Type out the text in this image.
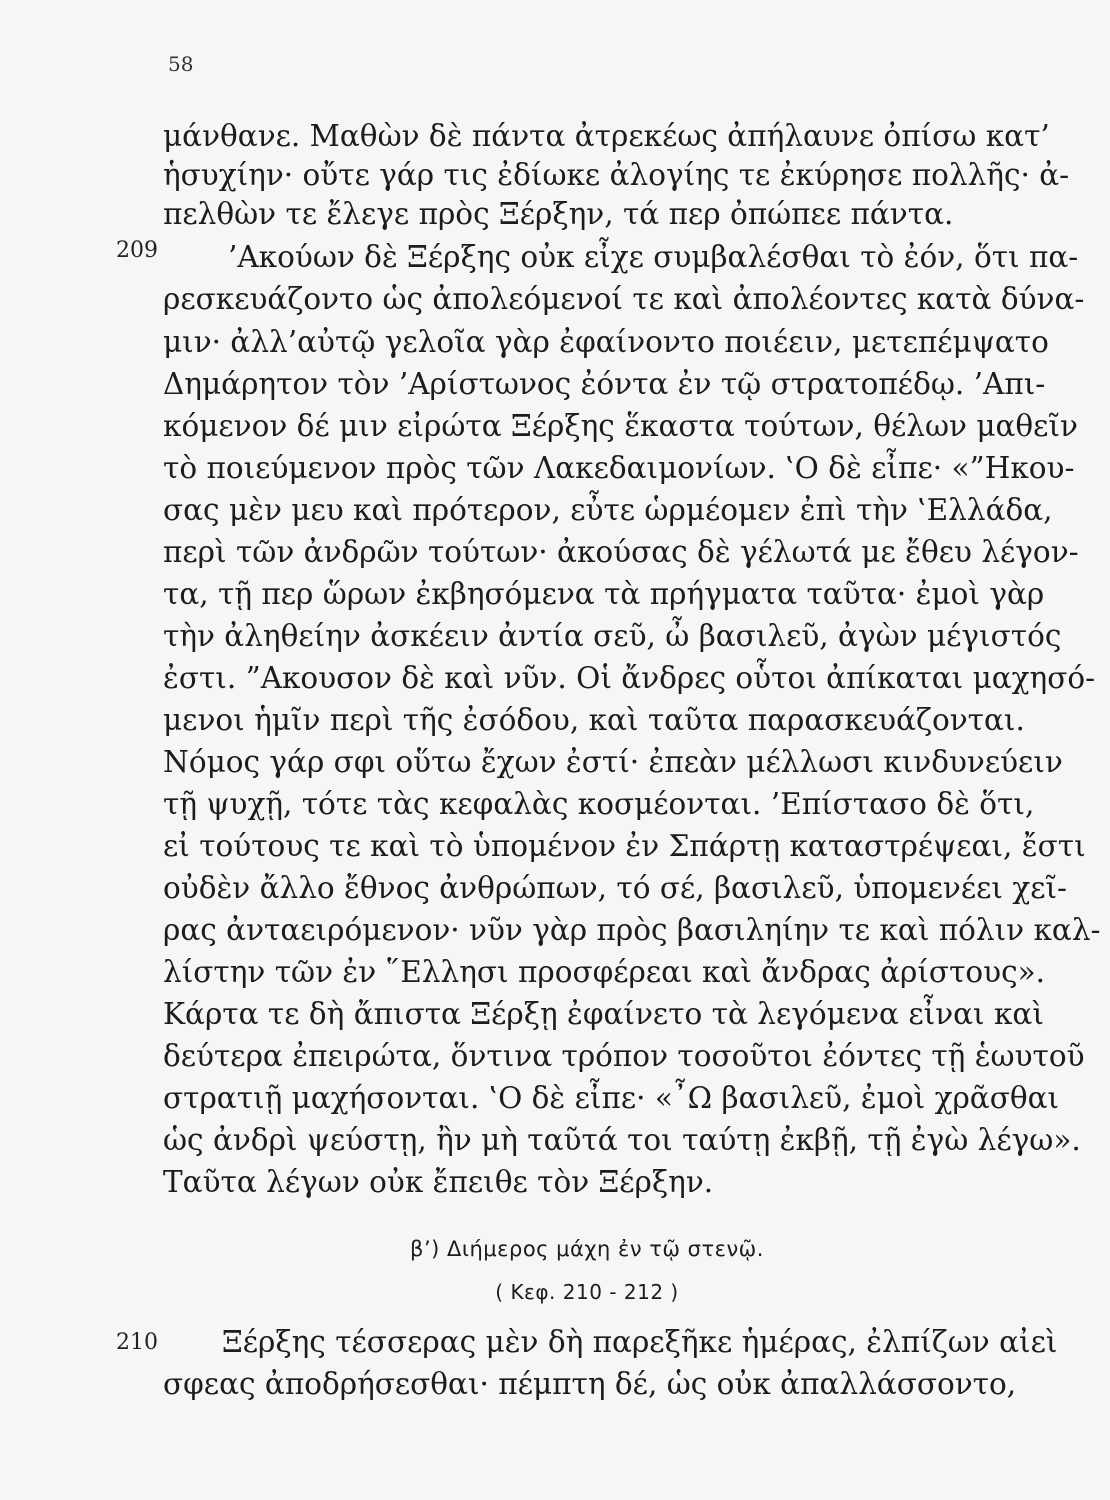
58
209
μάνθανε. Μαθὼν δὲ πάντα ἀτρεκέως ἀπήλαυνε ὀπίσω κατ’
ἡσυχίην· οὔτε γάρ τις ἐδίωκε ἀλογίης τε ἐκύρησε πολλῆς· ἀ-
πελθὼν τε ἔλεγε πρὸς Ξέρξην, τά περ ὀπώπεε πάντα.
’Ακούων δὲ Ξέρξης οὐκ εἶχε συμβαλέσθαι τὸ ἐόν, ὅτι πα-
ρεσκευάζοντο ὡς ἀπολεόμενοί τε καὶ ἀπολέοντες κατὰ δύνα-
μιν· ἀλλ’αὐτῷ γελοῖα γὰρ ἐφαίνοντο ποιέειν, μετεπέμψατο
Δημάρητον τὸν ’Αρίστωνος ἐόντα ἐν τῷ στρατοπέδῳ. ’Απι-
κόμενον δέ μιν εἰρώτα Ξέρξης ἕκαστα τούτων, θέλων μαθεῖν
τὸ ποιεύμενον πρὸς τῶν Λακεδαιμονίων. ‛Ο δὲ εἶπε· «”Ηκου-
σας μὲν μευ καὶ πρότερον, εὖτε ὡρμέομεν ἐπὶ τὴν ‛Ελλάδα,
περὶ τῶν ἀνδρῶν τούτων· ἀκούσας δὲ γέλωτά με ἔθευ λέγον-
τα, τῇ περ ὥρων ἐκβησόμενα τὰ πρήγματα ταῦτα· ἐμοὶ γὰρ
τὴν ἀληθείην ἀσκέειν ἀντία σεῦ, ὦ βασιλεῦ, ἀγὼν μέγιστός
ἐστι. ”Ακουσον δὲ καὶ νῦν. Οἱ ἄνδρες οὗτοι ἀπίκαται μαχησό-
μενοι ἡμῖν περὶ τῆς ἐσόδου, καὶ ταῦτα παρασκευάζονται.
Νόμος γάρ σφι οὕτω ἔχων ἐστί· ἐπεὰν μέλλωσι κινδυνεύειν
τῇ ψυχῇ, τότε τὰς κεφαλὰς κοσμέονται. ’Επίστασο δὲ ὅτι,
εἰ τούτους τε καὶ τὸ ὑπομένον ἐν Σπάρτῃ καταστρέψεαι, ἔστι
οὐδὲν ἄλλο ἔθνος ἀνθρώπων, τό σέ, βασιλεῦ, ὑπομενέει χεῖ-
ρας ἀνταειρόμενον· νῦν γὰρ πρὸς βασιληίην τε καὶ πόλιν καλ-
λίστην τῶν ἐν ῞Ελλησι προσφέρεαι καὶ ἄνδρας ἀρίστους».
Κάρτα τε δὴ ἄπιστα Ξέρξῃ ἐφαίνετο τὰ λεγόμενα εἶναι καὶ
δεύτερα ἐπειρώτα, ὅντινα τρόπον τοσοῦτοι ἐόντες τῇ ἑωυτοῦ
στρατιῇ μαχήσονται. ‛Ο δὲ εἶπε· «῏Ω βασιλεῦ, ἐμοὶ χρᾶσθαι
ὡς ἀνδρὶ ψεύστῃ, ἢν μὴ ταῦτά τοι ταύτῃ ἐκβῇ, τῇ ἐγὼ λέγω».
Ταῦτα λέγων οὐκ ἔπειθε τὸν Ξέρξην.
β’) Διήμερος μάχη ἐν τῷ στενῷ.
( Κεφ. 210 - 212 )
210 Ξέρξης τέσσερας μὲν δὴ παρεξῆκε ἡμέρας, ἐλπίζων αἰεὶ
σφεας ἀποδρήσεσθαι· πέμπτη δέ, ὡς οὐκ ἀπαλλάσσοντο,
